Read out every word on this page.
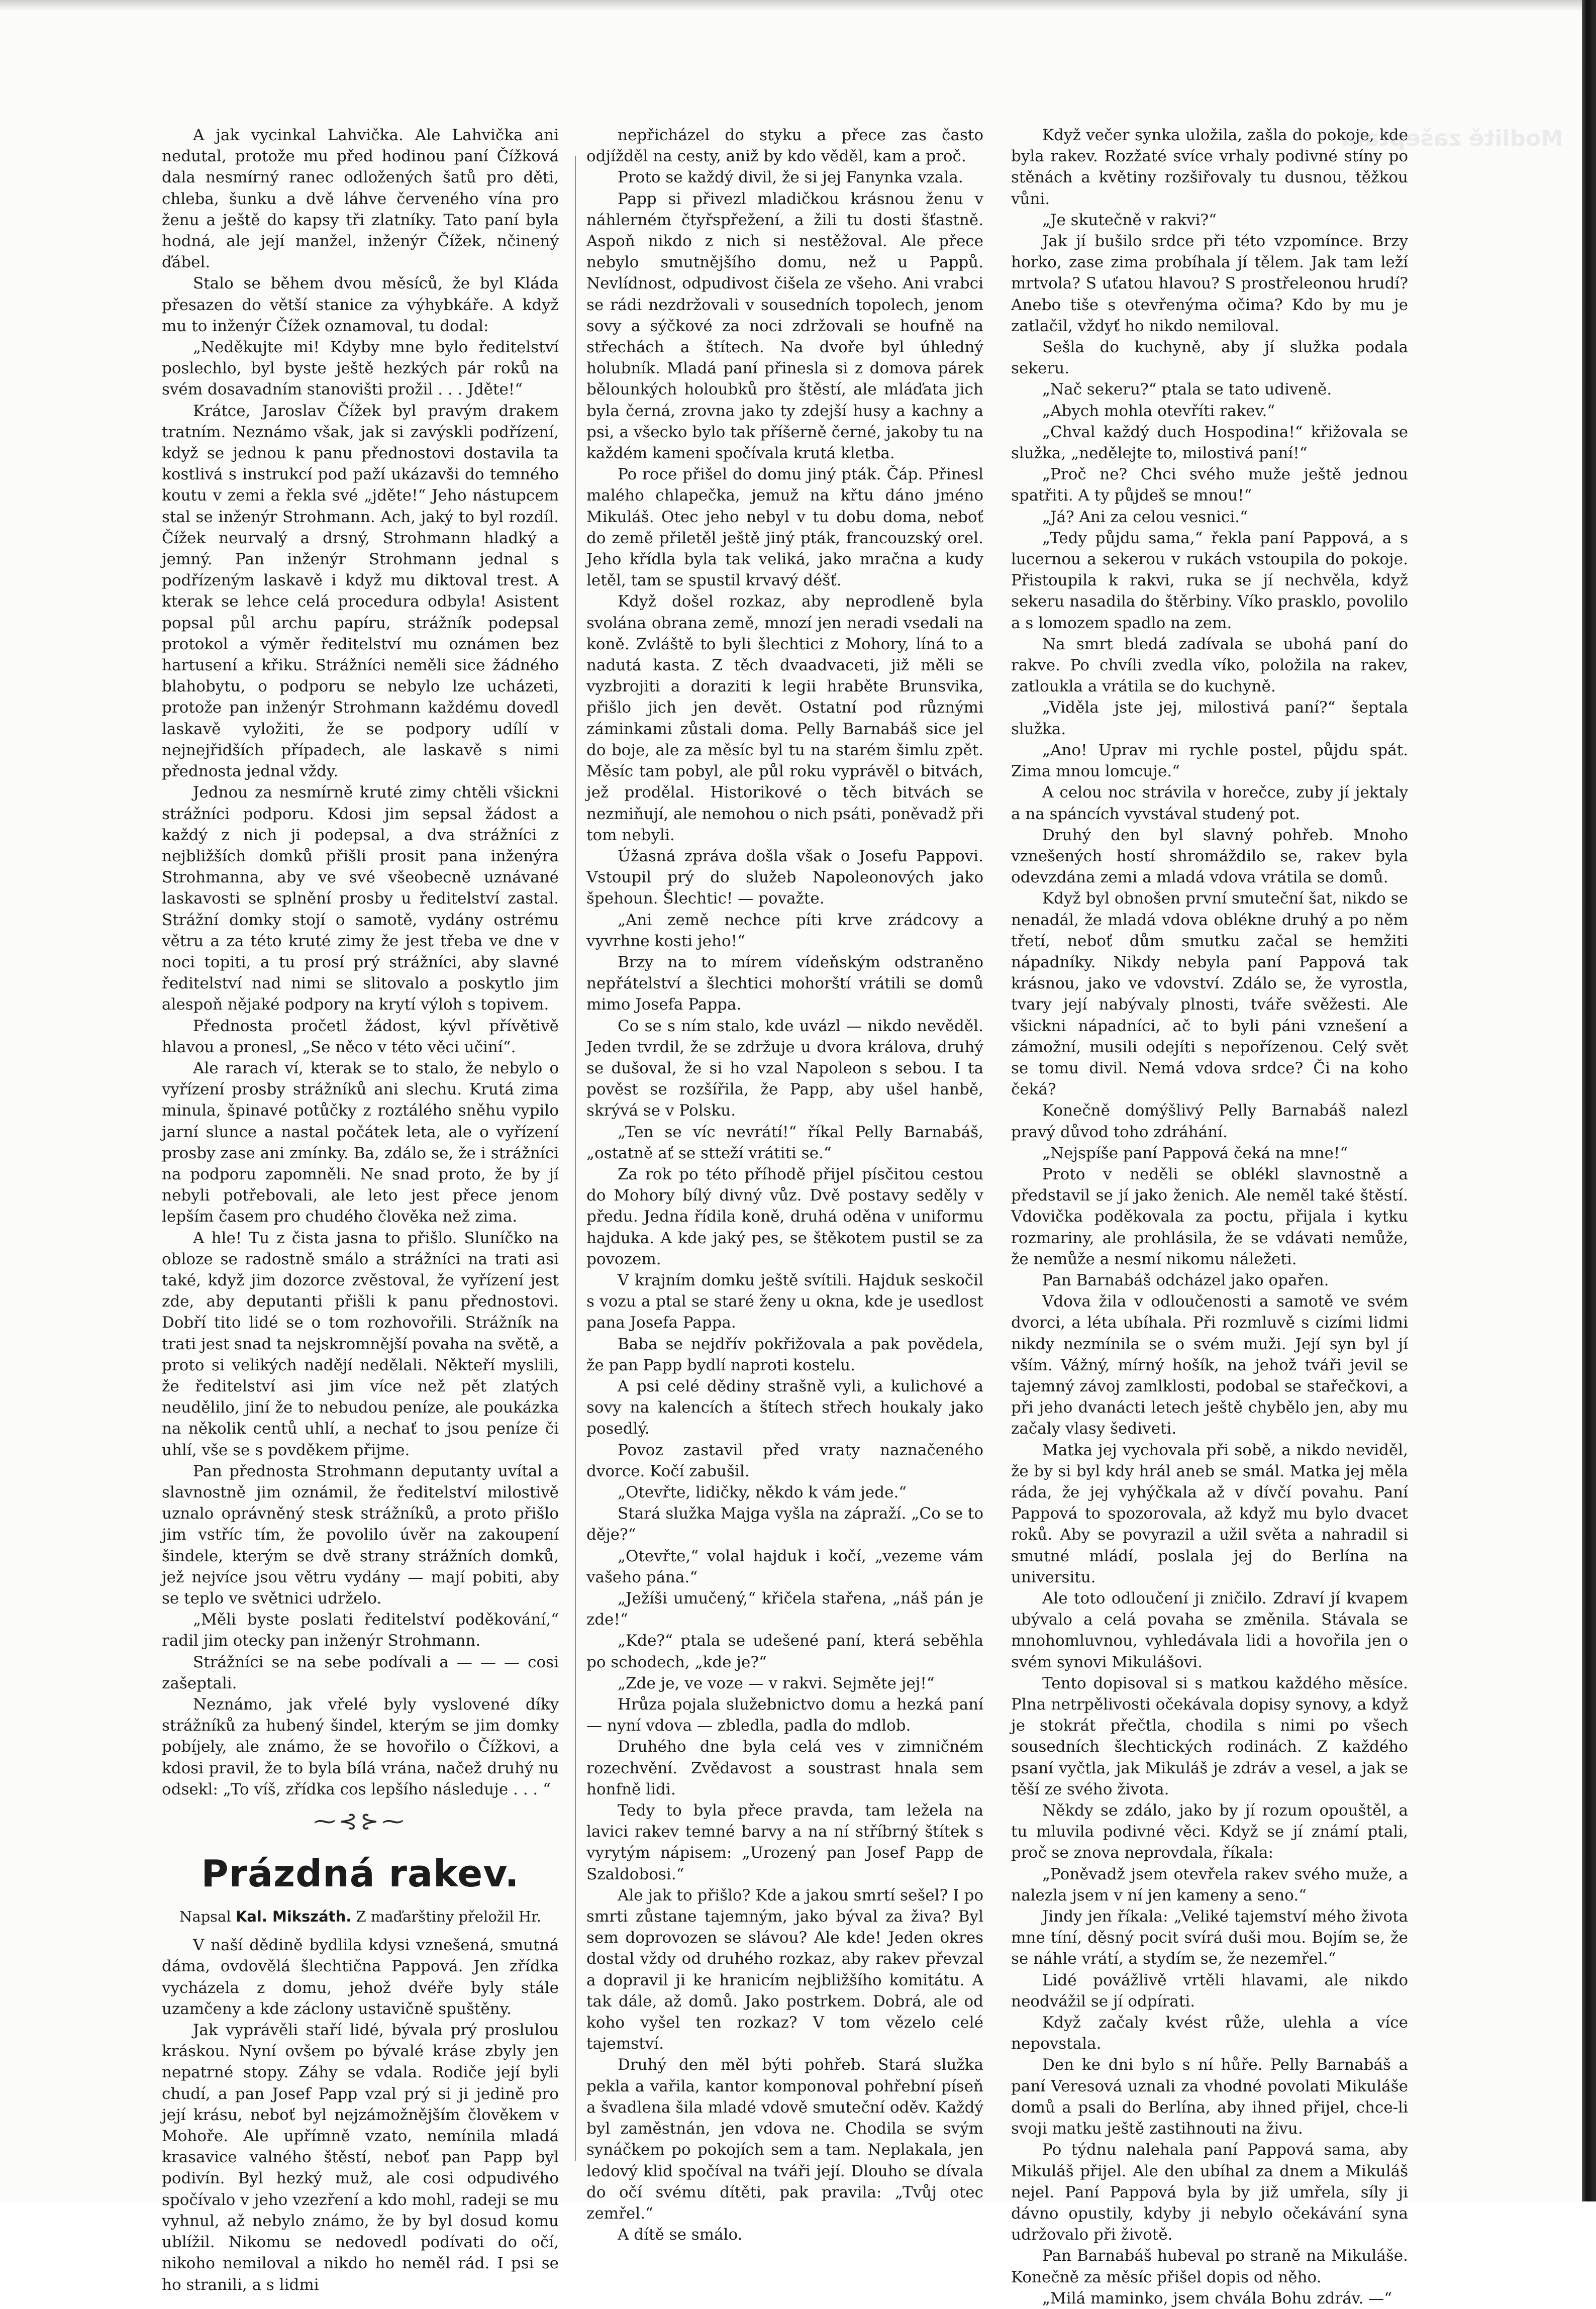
Modlitě zašeptala

A jak vycinkal Lahvička. Ale Lahvička ani nedutal, protože mu před hodinou paní Čížková dala nesmírný ranec odložených šatů pro děti, chleba, šunku a dvě láhve červeného vína pro ženu a ještě do kapsy tři zlatníky. Tato paní byla hodná, ale její manžel, inženýr Čížek, nčinený ďábel.

Stalo se během dvou měsíců, že byl Kláda přesazen do větší stanice za výhybkáře. A když mu to inženýr Čížek oznamoval, tu dodal:

„Neděkujte mi! Kdyby mne bylo ředitelství poslechlo, byl byste ještě hezkých pár roků na svém dosavadním stanovišti prožil . . . Jděte!“

Krátce, Jaroslav Čížek byl pravým drakem tratním. Neznámo však, jak si zavýskli podřízení, když se jednou k panu přednostovi dostavila ta kostlivá s instrukcí pod paží ukázavši do temného koutu v zemi a řekla své „jděte!“ Jeho nástupcem stal se inženýr Strohmann. Ach, jaký to byl rozdíl. Čížek neurvalý a drsný, Strohmann hladký a jemný. Pan inženýr Strohmann jednal s podřízeným laskavě i když mu diktoval trest. A kterak se lehce celá procedura odbyla! Asistent popsal půl archu papíru, strážník podepsal protokol a výměr ředitelství mu oznámen bez hartusení a křiku. Strážníci neměli sice žádného blahobytu, o podporu se nebylo lze ucházeti, protože pan inženýr Strohmann každému dovedl laskavě vyložiti, že se podpory udílí v nejnejřidších případech, ale laskavě s nimi přednosta jednal vždy.

Jednou za nesmírně kruté zimy chtěli všickni strážníci podporu. Kdosi jim sepsal žádost a každý z nich ji podepsal, a dva strážníci z nejbližších domků přišli prosit pana inženýra Strohmanna, aby ve své všeobecně uznávané laskavosti se splnění prosby u ředitelství zastal. Strážní domky stojí o samotě, vydány ostrému větru a za této kruté zimy že jest třeba ve dne v noci topiti, a tu prosí prý strážníci, aby slavné ředitelství nad nimi se slitovalo a poskytlo jim alespoň nějaké podpory na krytí výloh s topivem.

Přednosta pročetl žádost, kývl přívětivě hlavou a pronesl, „Se něco v této věci učiní“.

Ale rarach ví, kterak se to stalo, že nebylo o vyřízení prosby strážníků ani slechu. Krutá zima minula, špinavé potůčky z roztálého sněhu vypilo jarní slunce a nastal počátek leta, ale o vyřízení prosby zase ani zmínky. Ba, zdálo se, že i strážníci na podporu zapomněli. Ne snad proto, že by jí nebyli potřebovali, ale leto jest přece jenom lepším časem pro chudého člověka než zima.

A hle! Tu z čista jasna to přišlo. Sluníčko na obloze se radostně smálo a strážníci na trati asi také, když jim dozorce zvěstoval, že vyřízení jest zde, aby deputanti přišli k panu přednostovi. Dobří tito lidé se o tom rozhovořili. Strážník na trati jest snad ta nejskromnější povaha na světě, a proto si velikých nadějí nedělali. Někteří myslili, že ředitelství asi jim více než pět zlatých neudělilo, jiní že to nebudou peníze, ale poukázka na několik centů uhlí, a nechať to jsou peníze či uhlí, vše se s povděkem přijme.

Pan přednosta Strohmann deputanty uvítal a slavnostně jim oznámil, že ředitelství milostivě uznalo oprávněný stesk strážníků, a proto přišlo jim vstříc tím, že povolilo úvěr na zakoupení šindele, kterým se dvě strany strážních domků, jež nejvíce jsou větru vydány — mají pobiti, aby se teplo ve světnici udrželo.

„Měli byste poslati ředitelství poděkování,“ radil jim otecky pan inženýr Strohmann.

Strážníci se na sebe podívali a — — — cosi zašeptali.

Neznámo, jak vřelé byly vyslovené díky strážníků za hubený šindel, kterým se jim domky pobíjely, ale známo, že se hovořilo o Čížkovi, a kdosi pravil, že to byla bílá vrána, načež druhý nu odsekl: „To víš, zřídka cos lepšího následuje . . . “

⁓⊰⊱⁓
Prázdná rakev.
Napsal Kal. Mikszáth. Z maďarštiny přeložil Hr.

V naší dědině bydlila kdysi vznešená, smutná dáma, ovdovělá šlechtična Pappová. Jen zřídka vycházela z domu, jehož dvéře byly stále uzamčeny a kde záclony ustavičně spuštěny.

Jak vyprávěli staří lidé, bývala prý proslulou kráskou. Nyní ovšem po bývalé kráse zbyly jen nepatrné stopy. Záhy se vdala. Rodiče její byli chudí, a pan Josef Papp vzal prý si ji jedině pro její krásu, neboť byl nejzámožnějším člověkem v Mohoře. Ale upřímně vzato, nemínila mladá krasavice valného štěstí, neboť pan Papp byl podivín. Byl hezký muž, ale cosi odpudivého spočívalo v jeho vzezření a kdo mohl, radeji se mu vyhnul, až nebylo známo, že by byl dosud komu ublížil. Nikomu se nedovedl podívati do očí, nikoho nemiloval a nikdo ho neměl rád. I psi se ho stranili, a s lidmi

nepřicházel do styku a přece zas často odjížděl na cesty, aniž by kdo věděl, kam a proč.

Proto se každý divil, že si jej Fanynka vzala.

Papp si přivezl mladičkou krásnou ženu v náhlerném čtyřspřežení, a žili tu dosti šťastně. Aspoň nikdo z nich si nestěžoval. Ale přece nebylo smutnějšího domu, než u Pappů. Nevlídnost, odpudivost čišela ze všeho. Ani vrabci se rádi nezdržovali v sousedních topolech, jenom sovy a sýčkové za noci zdržovali se houfně na střechách a štítech. Na dvoře byl úhledný holubník. Mladá paní přinesla si z domova párek bělounkých holoubků pro štěstí, ale mláďata jich byla černá, zrovna jako ty zdejší husy a kachny a psi, a všecko bylo tak příšerně černé, jakoby tu na každém kameni spočívala krutá kletba.

Po roce přišel do domu jiný pták. Čáp. Přinesl malého chlapečka, jemuž na křtu dáno jméno Mikuláš. Otec jeho nebyl v tu dobu doma, neboť do země přiletěl ještě jiný pták, francouzský orel. Jeho křídla byla tak veliká, jako mračna a kudy letěl, tam se spustil krvavý déšť.

Když došel rozkaz, aby neprodleně byla svolána obrana země, mnozí jen neradi vsedali na koně. Zvláště to byli šlechtici z Mohory, líná to a nadutá kasta. Z těch dvaadvaceti, již měli se vyzbrojiti a doraziti k legii hraběte Brunsvika, přišlo jich jen devět. Ostatní pod různými záminkami zůstali doma. Pelly Barnabáš sice jel do boje, ale za měsíc byl tu na starém šimlu zpět. Měsíc tam pobyl, ale půl roku vyprávěl o bitvách, jež prodělal. Historikové o těch bitvách se nezmiňují, ale nemohou o nich psáti, poněvadž při tom nebyli.

Úžasná zpráva došla však o Josefu Pappovi. Vstoupil prý do služeb Napoleonových jako špehoun. Šlechtic! — považte.

„Ani země nechce píti krve zrádcovy a vyvrhne kosti jeho!“

Brzy na to mírem vídeňským odstraněno nepřátelství a šlechtici mohorští vrátili se domů mimo Josefa Pappa.

Co se s ním stalo, kde uvázl — nikdo nevěděl. Jeden tvrdil, že se zdržuje u dvora králova, druhý se dušoval, že si ho vzal Napoleon s sebou. I ta pověst se rozšířila, že Papp, aby ušel hanbě, skrývá se v Polsku.

„Ten se víc nevrátí!“ říkal Pelly Barnabáš, „ostatně ať se stteží vrátiti se.“

Za rok po této příhodě přijel písčitou cestou do Mohory bílý divný vůz. Dvě postavy seděly v předu. Jedna řídila koně, druhá oděna v uniformu hajduka. A kde jaký pes, se štěkotem pustil se za povozem.

V krajním domku ještě svítili. Hajduk seskočil s vozu a ptal se staré ženy u okna, kde je usedlost pana Josefa Pappa.

Baba se nejdřív pokřižovala a pak povědela, že pan Papp bydlí naproti kostelu.

A psi celé dědiny strašně vyli, a kulichové a sovy na kalencích a štítech střech houkaly jako posedlý.

Povoz zastavil před vraty naznačeného dvorce. Kočí zabušil.

„Otevřte, lidičky, někdo k vám jede.“

Stará služka Majga vyšla na zápraží. „Co se to děje?“

„Otevřte,“ volal hajduk i kočí, „vezeme vám vašeho pána.“

„Ježíši umučený,“ křičela stařena, „náš pán je zde!“

„Kde?“ ptala se udešené paní, která seběhla po schodech, „kde je?“

„Zde je, ve voze — v rakvi. Sejměte jej!“

Hrůza pojala služebnictvo domu a hezká paní — nyní vdova — zbledla, padla do mdlob.

Druhého dne byla celá ves v zimničném rozechvění. Zvědavost a soustrast hnala sem honfně lidi.

Tedy to byla přece pravda, tam ležela na lavici rakev temné barvy a na ní stříbrný štítek s vyrytým nápisem: „Urozený pan Josef Papp de Szaldobosi.“

Ale jak to přišlo? Kde a jakou smrtí sešel? I po smrti zůstane tajemným, jako býval za živa? Byl sem doprovozen se slávou? Ale kde! Jeden okres dostal vždy od druhého rozkaz, aby rakev převzal a dopravil ji ke hranicím nejbližšího komitátu. A tak dále, až domů. Jako postrkem. Dobrá, ale od koho vyšel ten rozkaz? V tom vězelo celé tajemství.

Druhý den měl býti pohřeb. Stará služka pekla a vařila, kantor komponoval pohřební píseň a švadlena šila mladé vdově smuteční oděv. Každý byl zaměstnán, jen vdova ne. Chodila se svým synáčkem po pokojích sem a tam. Neplakala, jen ledový klid spočíval na tváři její. Dlouho se dívala do očí svému dítěti, pak pravila: „Tvůj otec zemřel.“

A dítě se smálo.

Když večer synka uložila, zašla do pokoje, kde byla rakev. Rozžaté svíce vrhaly podivné stíny po stěnách a květiny rozšiřovaly tu dusnou, těžkou vůni.

„Je skutečně v rakvi?“

Jak jí bušilo srdce při této vzpomínce. Brzy horko, zase zima probíhala jí tělem. Jak tam leží mrtvola? S uťatou hlavou? S prostřeleonou hrudí? Anebo tiše s otevřenýma očima? Kdo by mu je zatlačil, vždyť ho nikdo nemiloval.

Sešla do kuchyně, aby jí služka podala sekeru.

„Nač sekeru?“ ptala se tato udiveně.

„Abych mohla otevříti rakev.“

„Chval každý duch Hospodina!“ křižovala se služka, „nedělejte to, milostivá paní!“

„Proč ne? Chci svého muže ještě jednou spatřiti. A ty půjdeš se mnou!“

„Já? Ani za celou vesnici.“

„Tedy půjdu sama,“ řekla paní Pappová, a s lucernou a sekerou v rukách vstoupila do pokoje. Přistoupila k rakvi, ruka se jí nechvěla, když sekeru nasadila do štěrbiny. Víko prasklo, povolilo a s lomozem spadlo na zem.

Na smrt bledá zadívala se ubohá paní do rakve. Po chvíli zvedla víko, položila na rakev, zatloukla a vrátila se do kuchyně.

„Viděla jste jej, milostivá paní?“ šeptala služka.

„Ano! Uprav mi rychle postel, půjdu spát. Zima mnou lomcuje.“

A celou noc strávila v horečce, zuby jí jektaly a na spáncích vyvstával studený pot.

Druhý den byl slavný pohřeb. Mnoho vznešených hostí shromáždilo se, rakev byla odevzdána zemi a mladá vdova vrátila se domů.

Když byl obnošen první smuteční šat, nikdo se nenadál, že mladá vdova oblékne druhý a po něm třetí, neboť dům smutku začal se hemžiti nápadníky. Nikdy nebyla paní Pappová tak krásnou, jako ve vdovství. Zdálo se, že vyrostla, tvary její nabývaly plnosti, tváře svěžesti. Ale všickni nápadníci, ač to byli páni vznešení a zámožní, musili odejíti s nepořízenou. Celý svět se tomu divil. Nemá vdova srdce? Či na koho čeká?

Konečně domýšlivý Pelly Barnabáš nalezl pravý důvod toho zdráhání.

„Nejspíše paní Pappová čeká na mne!“

Proto v neděli se oblékl slavnostně a představil se jí jako ženich. Ale neměl také štěstí. Vdovička poděkovala za poctu, přijala i kytku rozmariny, ale prohlásila, že se vdávati nemůže, že nemůže a nesmí nikomu náležeti.

Pan Barnabáš odcházel jako opařen.

Vdova žila v odloučenosti a samotě ve svém dvorci, a léta ubíhala. Při rozmluvě s cizími lidmi nikdy nezmínila se o svém muži. Její syn byl jí vším. Vážný, mírný hošík, na jehož tváři jevil se tajemný závoj zamlklosti, podobal se stařečkovi, a při jeho dvanácti letech ještě chybělo jen, aby mu začaly vlasy šediveti.

Matka jej vychovala při sobě, a nikdo neviděl, že by si byl kdy hrál aneb se smál. Matka jej měla ráda, že jej vyhýčkala až v dívčí povahu. Paní Pappová to spozorovala, až když mu bylo dvacet roků. Aby se povyrazil a užil světa a nahradil si smutné mládí, poslala jej do Berlína na universitu.

Ale toto odloučení ji zničilo. Zdraví jí kvapem ubývalo a celá povaha se změnila. Stávala se mnohomluvnou, vyhledávala lidi a hovořila jen o svém synovi Mikulášovi.

Tento dopisoval si s matkou každého měsíce. Plna netrpělivosti očekávala dopisy synovy, a když je stokrát přečtla, chodila s nimi po všech sousedních šlechtických rodinách. Z každého psaní vyčtla, jak Mikuláš je zdráv a vesel, a jak se těší ze svého života.

Někdy se zdálo, jako by jí rozum opouštěl, a tu mluvila podivné věci. Když se jí známí ptali, proč se znova neprovdala, říkala:

„Poněvadž jsem otevřela rakev svého muže, a nalezla jsem v ní jen kameny a seno.“

Jindy jen říkala: „Veliké tajemství mého života mne tíní, děsný pocit svírá duši mou. Bojím se, že se náhle vrátí, a stydím se, že nezemřel.“

Lidé povážlivě vrtěli hlavami, ale nikdo neodvážil se jí odpírati.

Když začaly kvést růže, ulehla a více nepovstala.

Den ke dni bylo s ní hůře. Pelly Barnabáš a paní Veresová uznali za vhodné povolati Mikuláše domů a psali do Berlína, aby ihned přijel, chce-li svoji matku ještě zastihnouti na živu.

Po týdnu nalehala paní Pappová sama, aby Mikuláš přijel. Ale den ubíhal za dnem a Mikuláš nejel. Paní Pappová byla by již umřela, síly ji dávno opustily, kdyby ji nebylo očekávání syna udržovalo při životě.

Pan Barnabáš hubeval po straně na Mikuláše. Konečně za měsíc přišel dopis od něho.

„Milá maminko, jsem chvála Bohu zdráv. —“
